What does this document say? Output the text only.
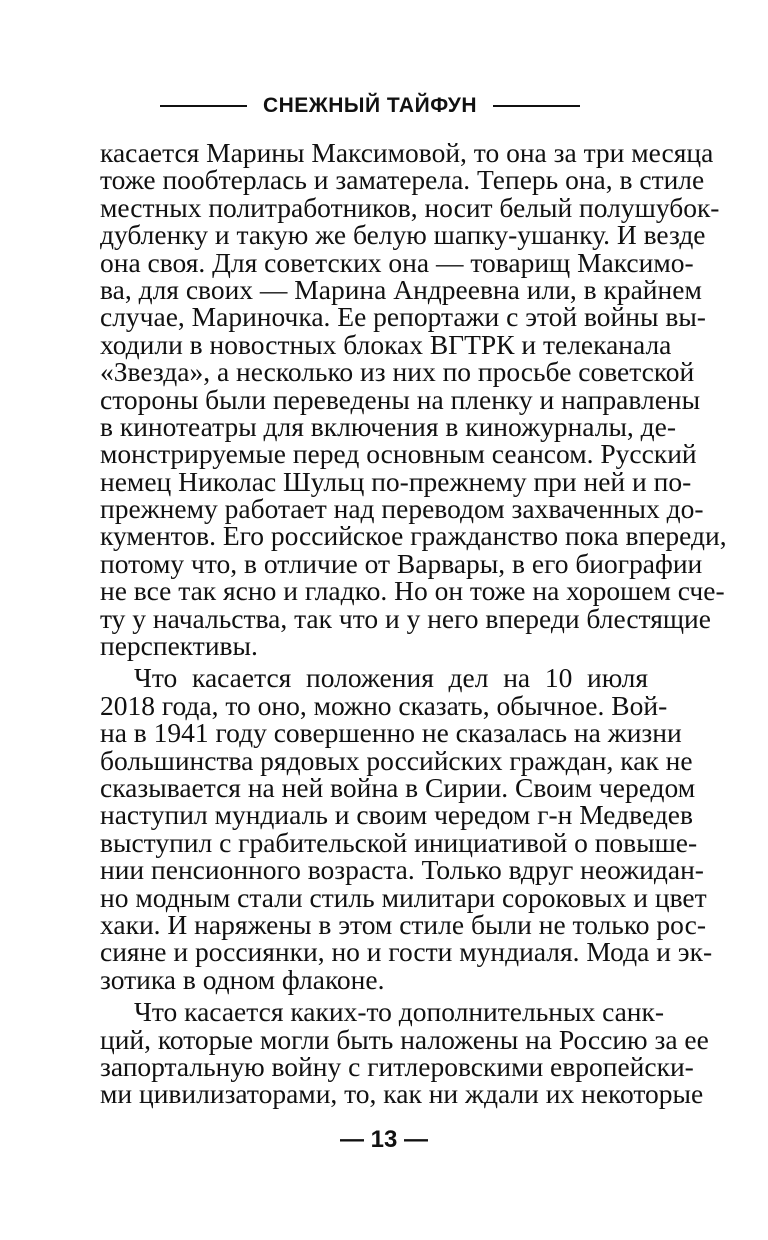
СНЕЖНЫЙ ТАЙФУН
касается Марины Максимовой, то она за три месяца
тоже пообтерлась и заматерела. Теперь она, в стиле
местных политработников, носит белый полушубок-
дубленку и такую же белую шапку-ушанку. И везде
она своя. Для советских она — товарищ Максимо-
ва, для своих — Марина Андреевна или, в крайнем
случае, Мариночка. Ее репортажи с этой войны вы-
ходили в новостных блоках ВГТРК и телеканала
«Звезда», а несколько из них по просьбе советской
стороны были переведены на пленку и направлены
в кинотеатры для включения в киножурналы, де-
монстрируемые перед основным сеансом. Русский
немец Николас Шульц по-прежнему при ней и по-
прежнему работает над переводом захваченных до-
кументов. Его российское гражданство пока впереди,
потому что, в отличие от Варвары, в его биографии
не все так ясно и гладко. Но он тоже на хорошем сче-
ту у начальства, так что и у него впереди блестящие
перспективы.
Что касается положения дел на 10 июля
2018 года, то оно, можно сказать, обычное. Вой-
на в 1941 году совершенно не сказалась на жизни
большинства рядовых российских граждан, как не
сказывается на ней война в Сирии. Своим чередом
наступил мундиаль и своим чередом г-н Медведев
выступил с грабительской инициативой о повыше-
нии пенсионного возраста. Только вдруг неожидан-
но модным стали стиль милитари сороковых и цвет
хаки. И наряжены в этом стиле были не только рос-
сияне и россиянки, но и гости мундиаля. Мода и эк-
зотика в одном флаконе.
Что касается каких-то дополнительных санк-
ций, которые могли быть наложены на Россию за ее
запортальную войну с гитлеровскими европейски-
ми цивилизаторами, то, как ни ждали их некоторые
— 13 —
